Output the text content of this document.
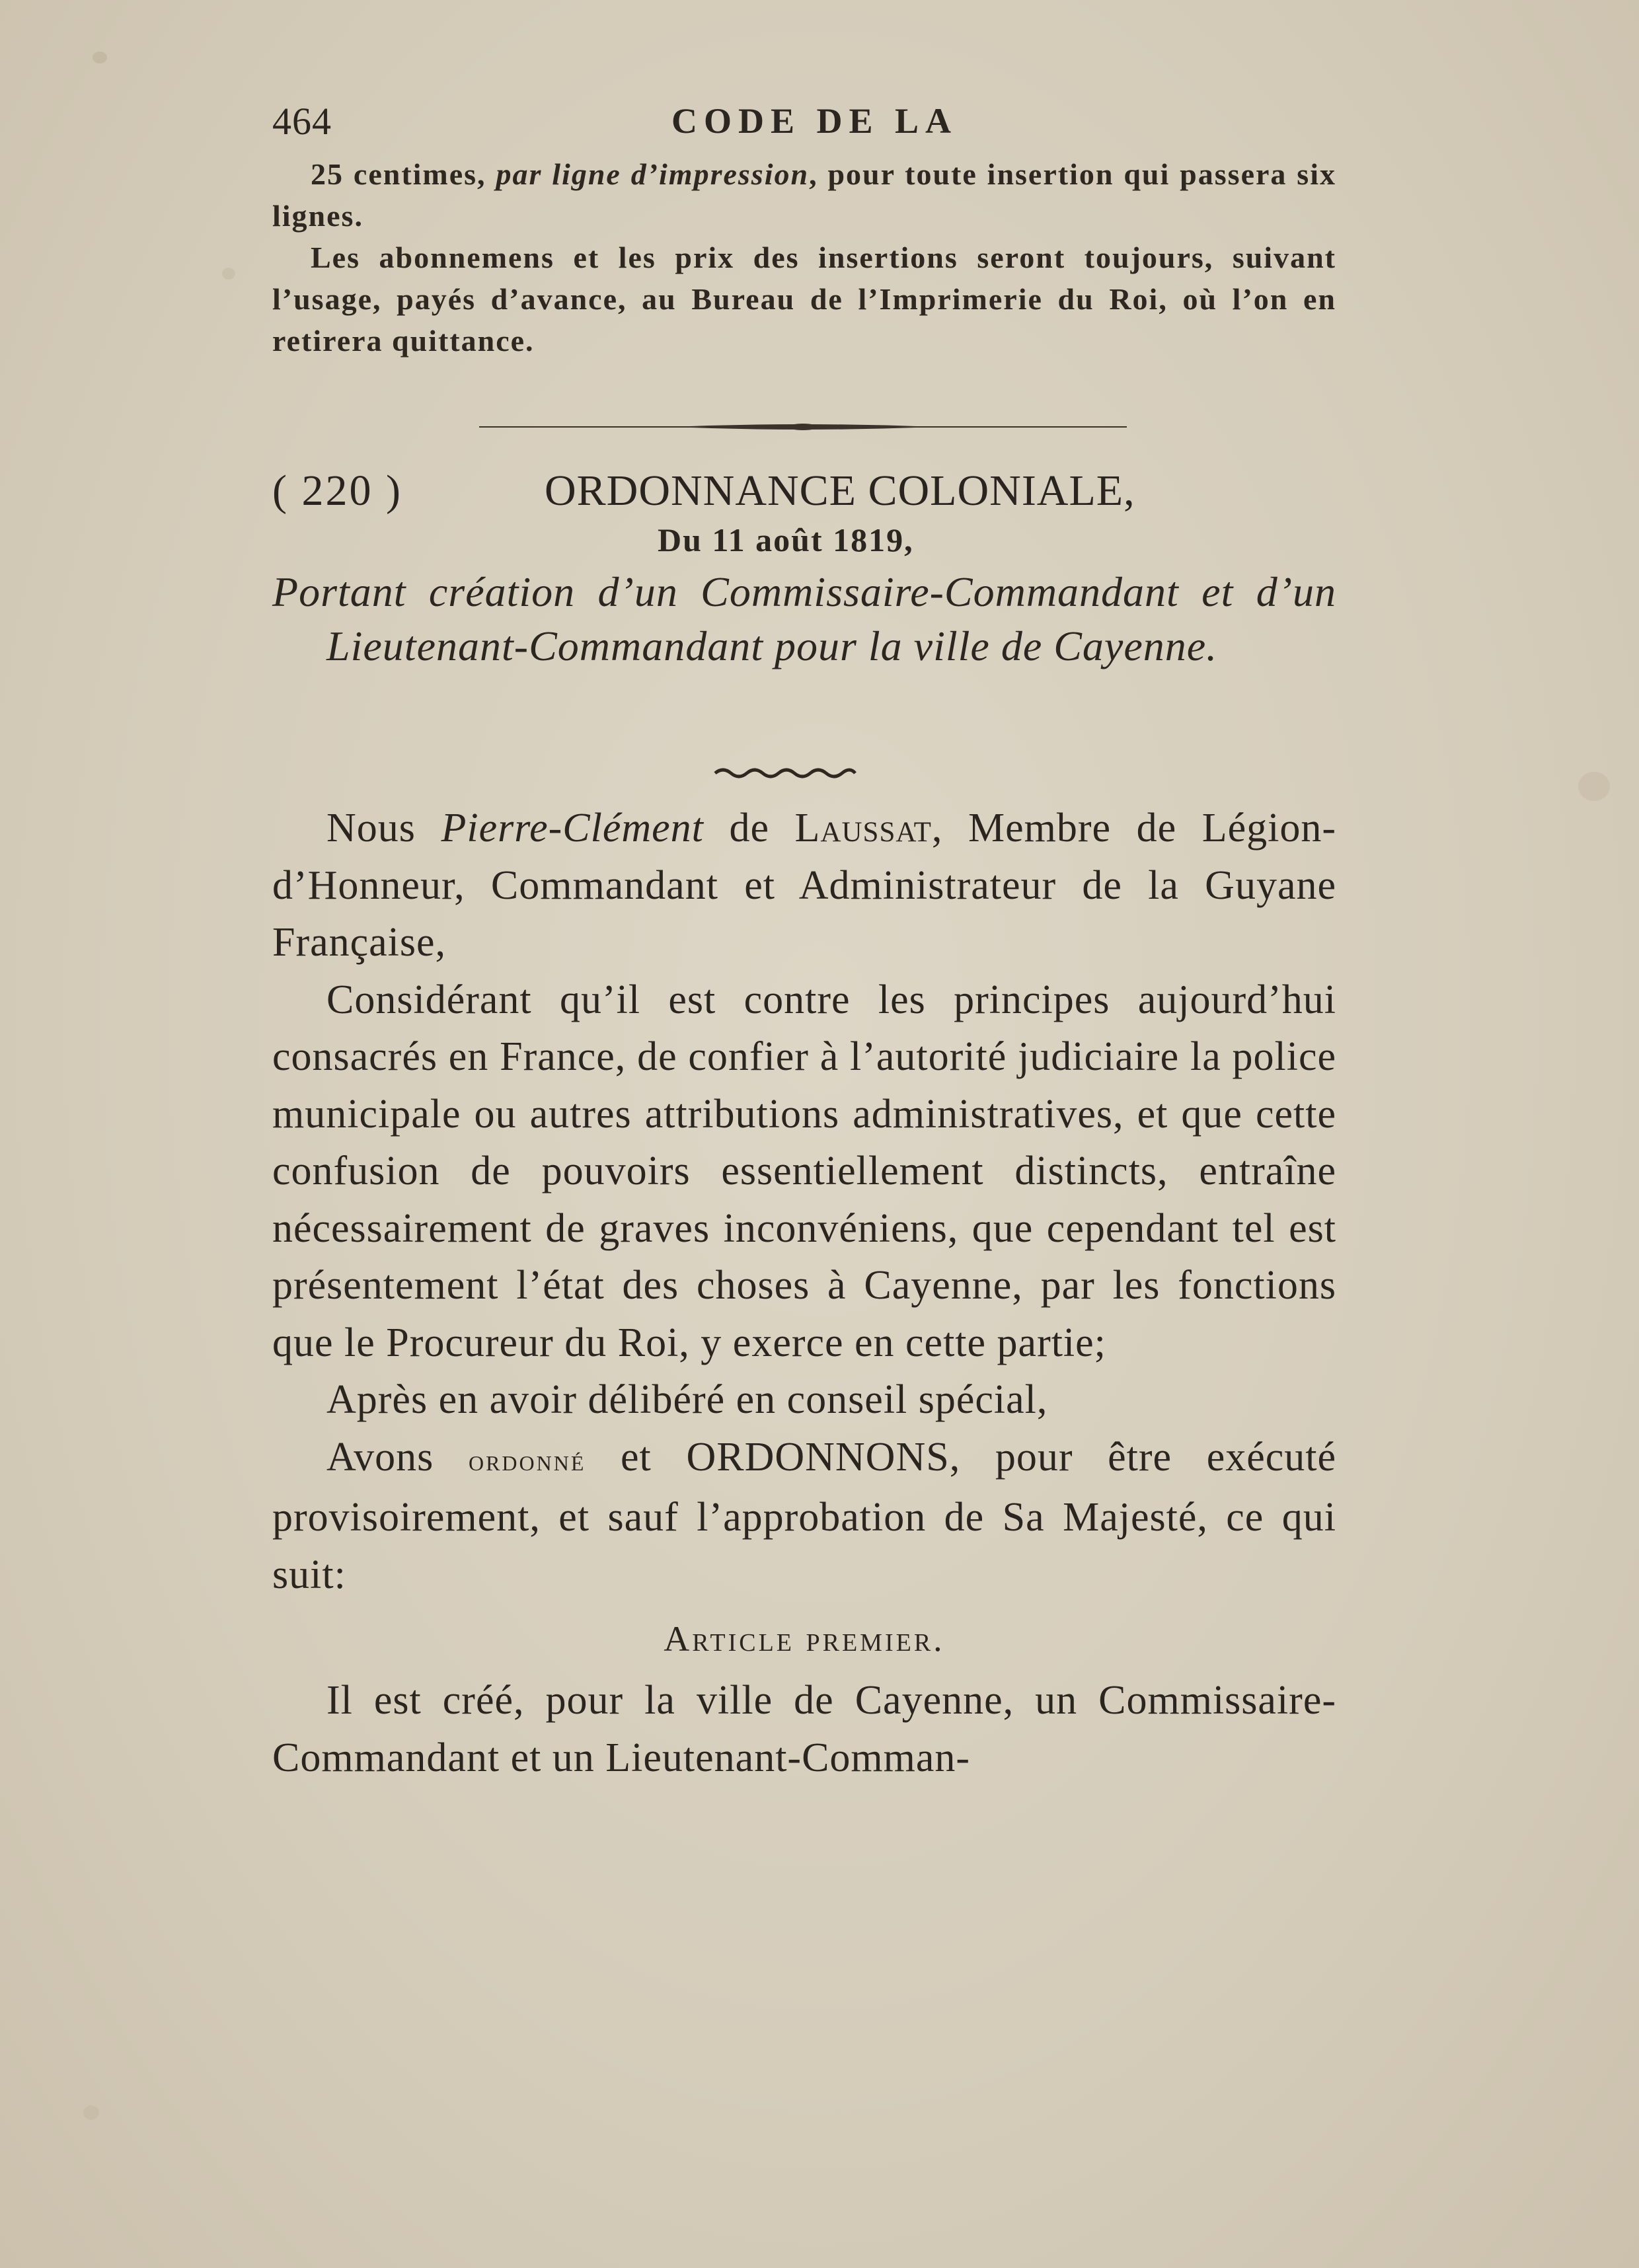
464	CODE DE LA

25 centimes, par ligne d’impression, pour toute insertion qui passera six lignes.

Les abonnemens et les prix des insertions seront toujours, suivant l’usage, payés d’avance, au Bureau de l’Imprimerie du Roi, où l’on en retirera quittance.

( 220 )	ORDONNANCE COLONIALE,
Du 11 août 1819,

Portant création d’un Commissaire-Commandant et d’un Lieutenant-Commandant pour la ville de Cayenne.

Nous Pierre-Clément de Laussat, Membre de Légion-d’Honneur, Commandant et Administrateur de la Guyane Française,

Considérant qu’il est contre les principes aujourd’hui consacrés en France, de confier à l’autorité judiciaire la police municipale ou autres attributions administratives, et que cette confusion de pouvoirs essentiellement distincts, entraîne nécessairement de graves inconvéniens, que cependant tel est présentement l’état des choses à Cayenne, par les fonctions que le Procureur du Roi, y exerce en cette partie;

Après en avoir délibéré en conseil spécial,

Avons ordonné et ORDONNONS, pour être exécuté provisoirement, et sauf l’approbation de Sa Majesté, ce qui suit:

Article premier.

Il est créé, pour la ville de Cayenne, un Commissaire-Commandant et un Lieutenant-Comman-
